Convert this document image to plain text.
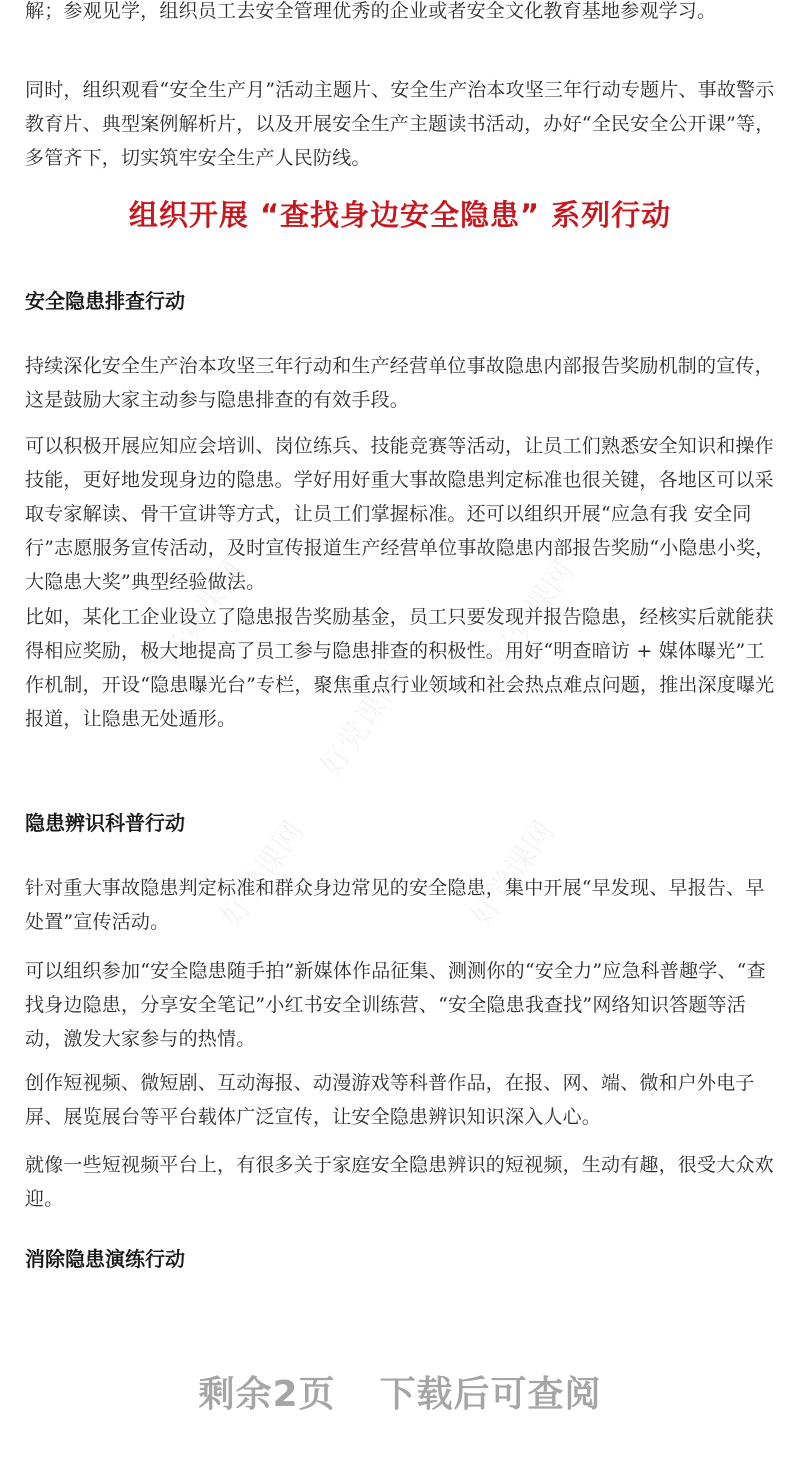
解；参观见学，组织员工去安全管理优秀的企业或者安全文化教育基地参观学习。

同时，组织观看“安全生产月”活动主题片、安全生产治本攻坚三年行动专题片、事故警示教育片、典型案例解析片，以及开展安全生产主题读书活动，办好“全民安全公开课”等，多管齐下，切实筑牢安全生产人民防线。

组织开展 “查找身边安全隐患” 系列行动
安全隐患排查行动

持续深化安全生产治本攻坚三年行动和生产经营单位事故隐患内部报告奖励机制的宣传，这是鼓励大家主动参与隐患排查的有效手段。

可以积极开展应知应会培训、岗位练兵、技能竞赛等活动，让员工们熟悉安全知识和操作技能，更好地发现身边的隐患。学好用好重大事故隐患判定标准也很关键，各地区可以采取专家解读、骨干宣讲等方式，让员工们掌握标准。还可以组织开展“应急有我 安全同行”志愿服务宣传活动，及时宣传报道生产经营单位事故隐患内部报告奖励“小隐患小奖，大隐患大奖”典型经验做法。

比如，某化工企业设立了隐患报告奖励基金，员工只要发现并报告隐患，经核实后就能获得相应奖励，极大地提高了员工参与隐患排查的积极性。用好“明查暗访 + 媒体曝光”工作机制，开设“隐患曝光台”专栏，聚焦重点行业领域和社会热点难点问题，推出深度曝光报道，让隐患无处遁形。

隐患辨识科普行动

针对重大事故隐患判定标准和群众身边常见的安全隐患，集中开展“早发现、早报告、早处置”宣传活动。

可以组织参加“安全隐患随手拍”新媒体作品征集、测测你的“安全力”应急科普趣学、“查找身边隐患，分享安全笔记”小红书安全训练营、“安全隐患我查找”网络知识答题等活动，激发大家参与的热情。

创作短视频、微短剧、互动海报、动漫游戏等科普作品，在报、网、端、微和户外电子屏、展览展台等平台载体广泛宣传，让安全隐患辨识知识深入人心。

就像一些短视频平台上，有很多关于家庭安全隐患辨识的短视频，生动有趣，很受大众欢迎。

消除隐患演练行动
剩余2页 下载后可查阅
